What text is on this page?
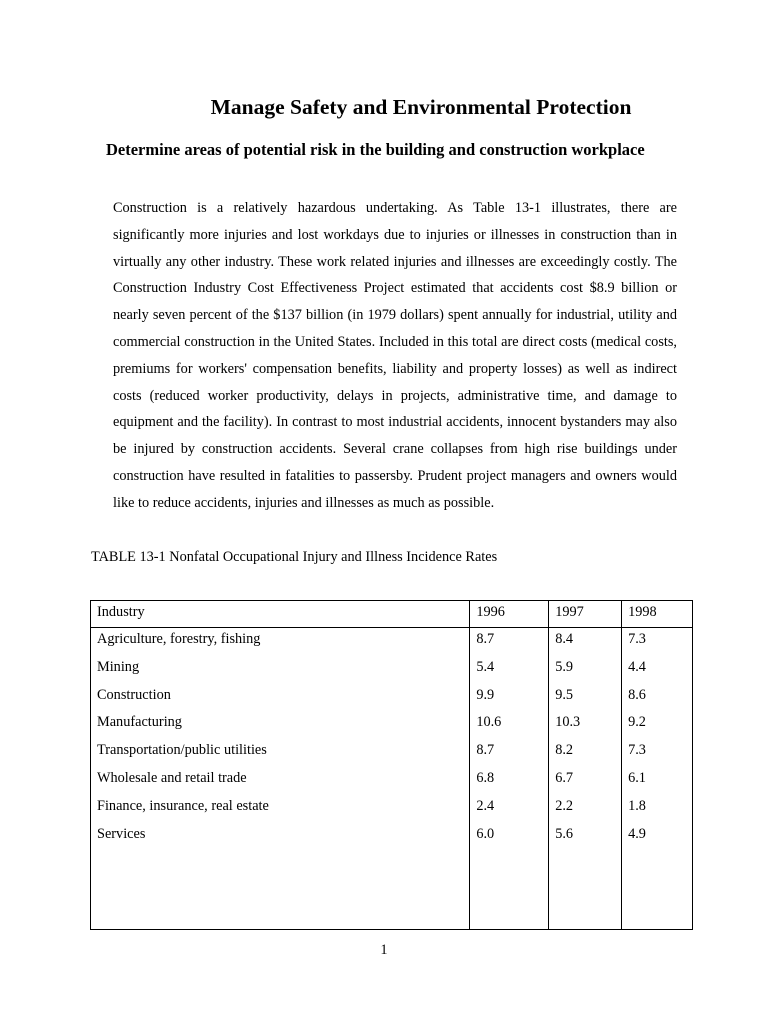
Manage Safety and Environmental Protection
Determine areas of potential risk in the building and construction workplace
Construction is a relatively hazardous undertaking. As Table 13-1 illustrates, there are significantly more injuries and lost workdays due to injuries or illnesses in construction than in virtually any other industry. These work related injuries and illnesses are exceedingly costly. The Construction Industry Cost Effectiveness Project estimated that accidents cost $8.9 billion or nearly seven percent of the $137 billion (in 1979 dollars) spent annually for industrial, utility and commercial construction in the United States. Included in this total are direct costs (medical costs, premiums for workers' compensation benefits, liability and property losses) as well as indirect costs (reduced worker productivity, delays in projects, administrative time, and damage to equipment and the facility). In contrast to most industrial accidents, innocent bystanders may also be injured by construction accidents. Several crane collapses from high rise buildings under construction have resulted in fatalities to passersby. Prudent project managers and owners would like to reduce accidents, injuries and illnesses as much as possible.
TABLE 13-1 Nonfatal Occupational Injury and Illness Incidence Rates
Industry	1996	1997	1998
Agriculture, forestry, fishing	8.7	8.4	7.3
Mining	5.4	5.9	4.4
Construction	9.9	9.5	8.6
Manufacturing	10.6	10.3	9.2
Transportation/public utilities	8.7	8.2	7.3
Wholesale and retail trade	6.8	6.7	6.1
Finance, insurance, real estate	2.4	2.2	1.8
Services	6.0	5.6	4.9

1
